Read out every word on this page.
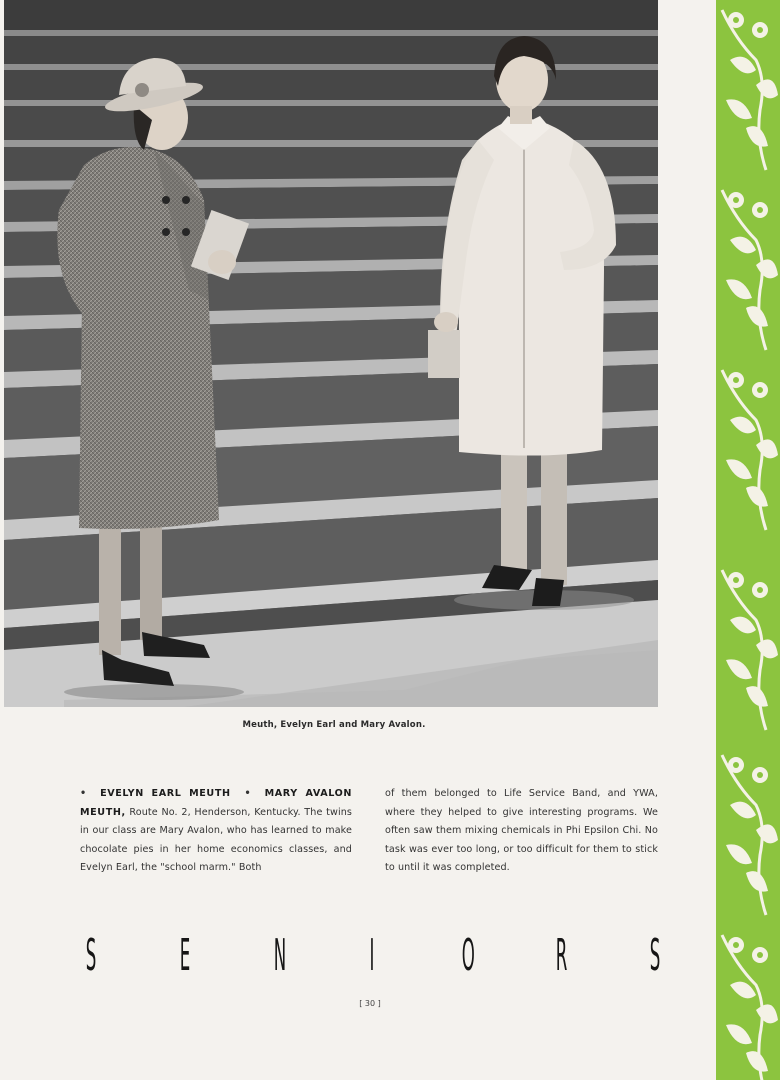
Meuth, Evelyn Earl and Mary Avalon.

• EVELYN EARL MEUTH • MARY AVALON MEUTH, Route No. 2, Henderson, Kentucky. The twins in our class are Mary Avalon, who has learned to make chocolate pies in her home economics classes, and Evelyn Earl, the "school marm." Both

of them belonged to Life Service Band, and YWA, where they helped to give interesting programs. We often saw them mixing chemicals in Phi Epsilon Chi. No task was ever too long, or too difficult for them to stick to until it was completed.

S E N I O R S
[ 30 ]
